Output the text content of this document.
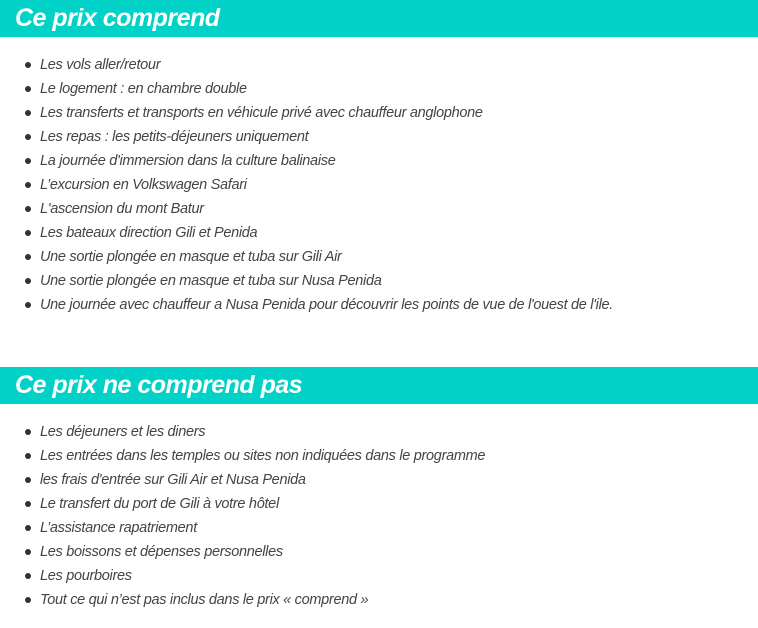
Ce prix comprend
Les vols aller/retour
Le logement : en chambre double
Les transferts et transports en véhicule privé avec chauffeur anglophone
Les repas : les petits-déjeuners uniquement
La journée d'immersion dans la culture balinaise
L’excursion en Volkswagen Safari
L'ascension du mont Batur
Les bateaux direction Gili et Penida
Une sortie plongée en masque et tuba sur Gili Air
Une sortie plongée en masque et tuba sur Nusa Penida
Une journée avec chauffeur a Nusa Penida pour découvrir les points de vue de l'ouest de l'ile.
Ce prix ne comprend pas
Les déjeuners et les diners
Les entrées dans les temples ou sites non indiquées dans le programme
les frais d'entrée sur Gili Air et Nusa Penida
Le transfert du port de Gili à votre hôtel
L’assistance rapatriement
Les boissons et dépenses personnelles
Les pourboires
Tout ce qui n’est pas inclus dans le prix « comprend »
